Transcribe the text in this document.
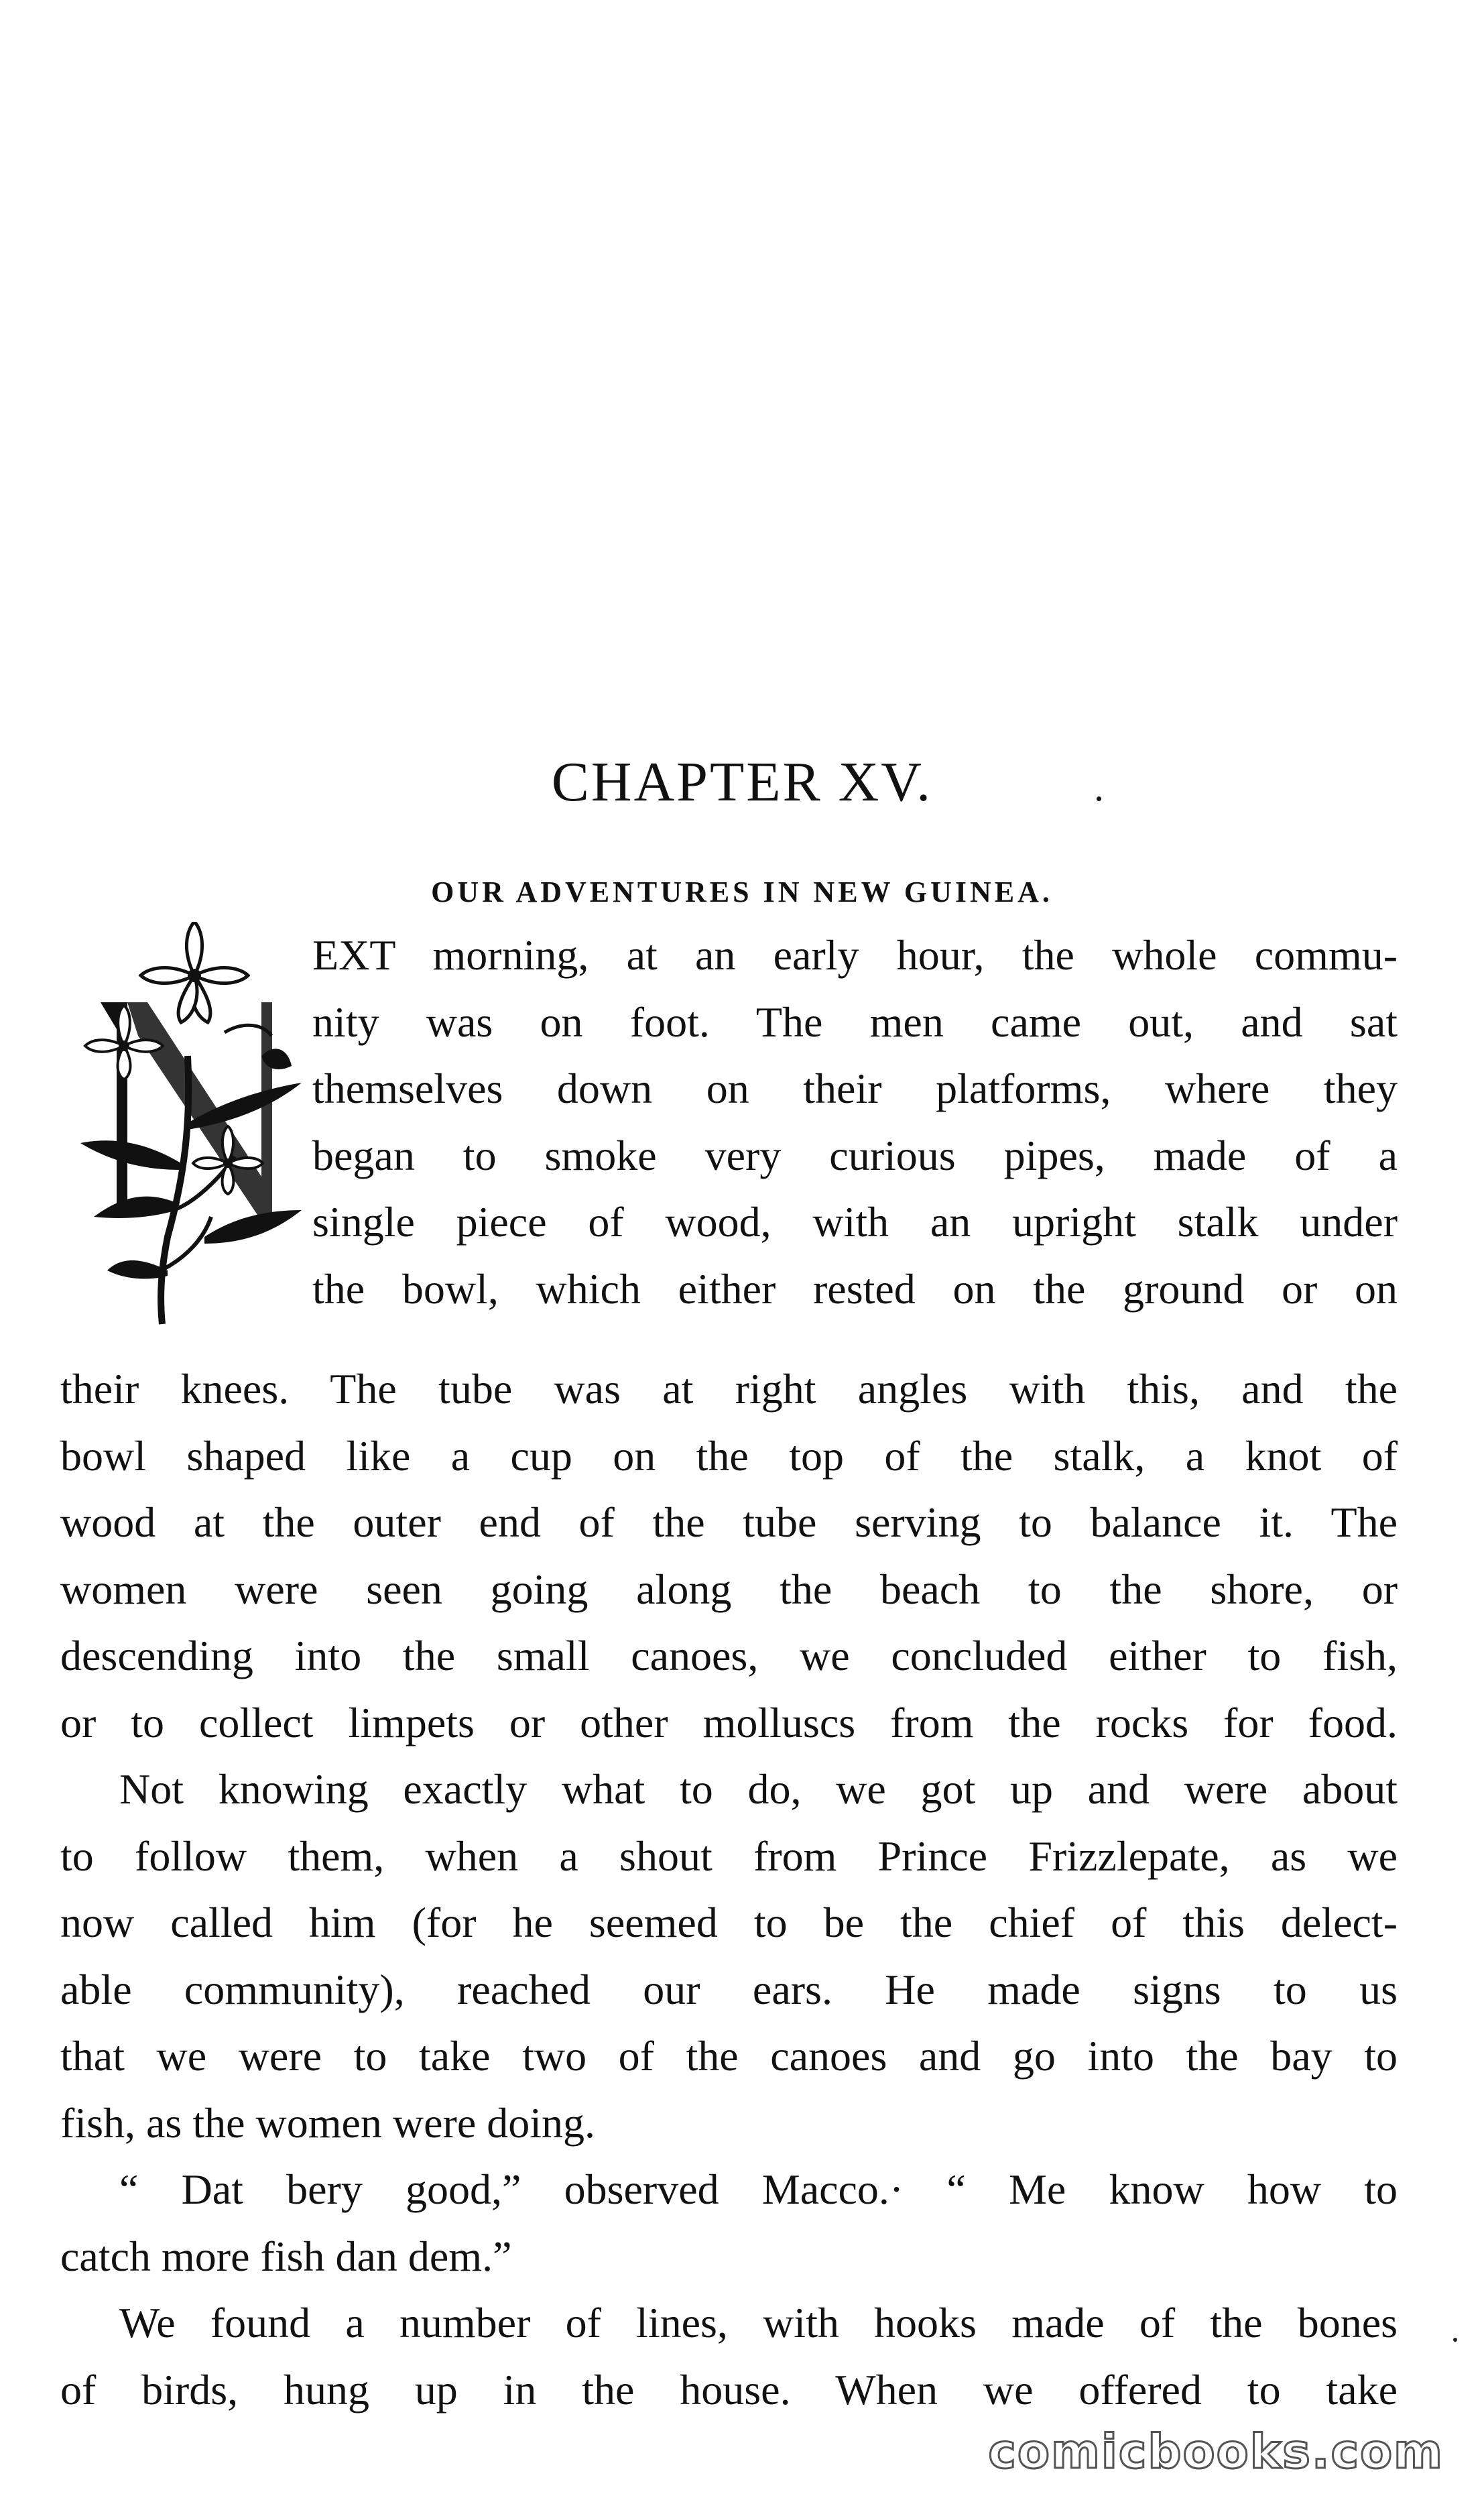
CHAPTER XV.
OUR ADVENTURES IN NEW GUINEA.
EXT morning, at an early hour, the whole commu-
nity was on foot. The men came out, and sat
themselves down on their platforms, where they
began to smoke very curious pipes, made of a
single piece of wood, with an upright stalk under
the bowl, which either rested on the ground or on
their knees. The tube was at right angles with this, and the
bowl shaped like a cup on the top of the stalk, a knot of
wood at the outer end of the tube serving to balance it. The
women were seen going along the beach to the shore, or
descending into the small canoes, we concluded either to fish,
or to collect limpets or other molluscs from the rocks for food.
Not knowing exactly what to do, we got up and were about
to follow them, when a shout from Prince Frizzlepate, as we
now called him (for he seemed to be the chief of this delect-
able community), reached our ears. He made signs to us
that we were to take two of the canoes and go into the bay to
fish, as the women were doing.
“ Dat bery good,” observed Macco.· “ Me know how to
catch more fish dan dem.”
We found a number of lines, with hooks made of the bones
of birds, hung up in the house. When we offered to take
comicbooks.com
